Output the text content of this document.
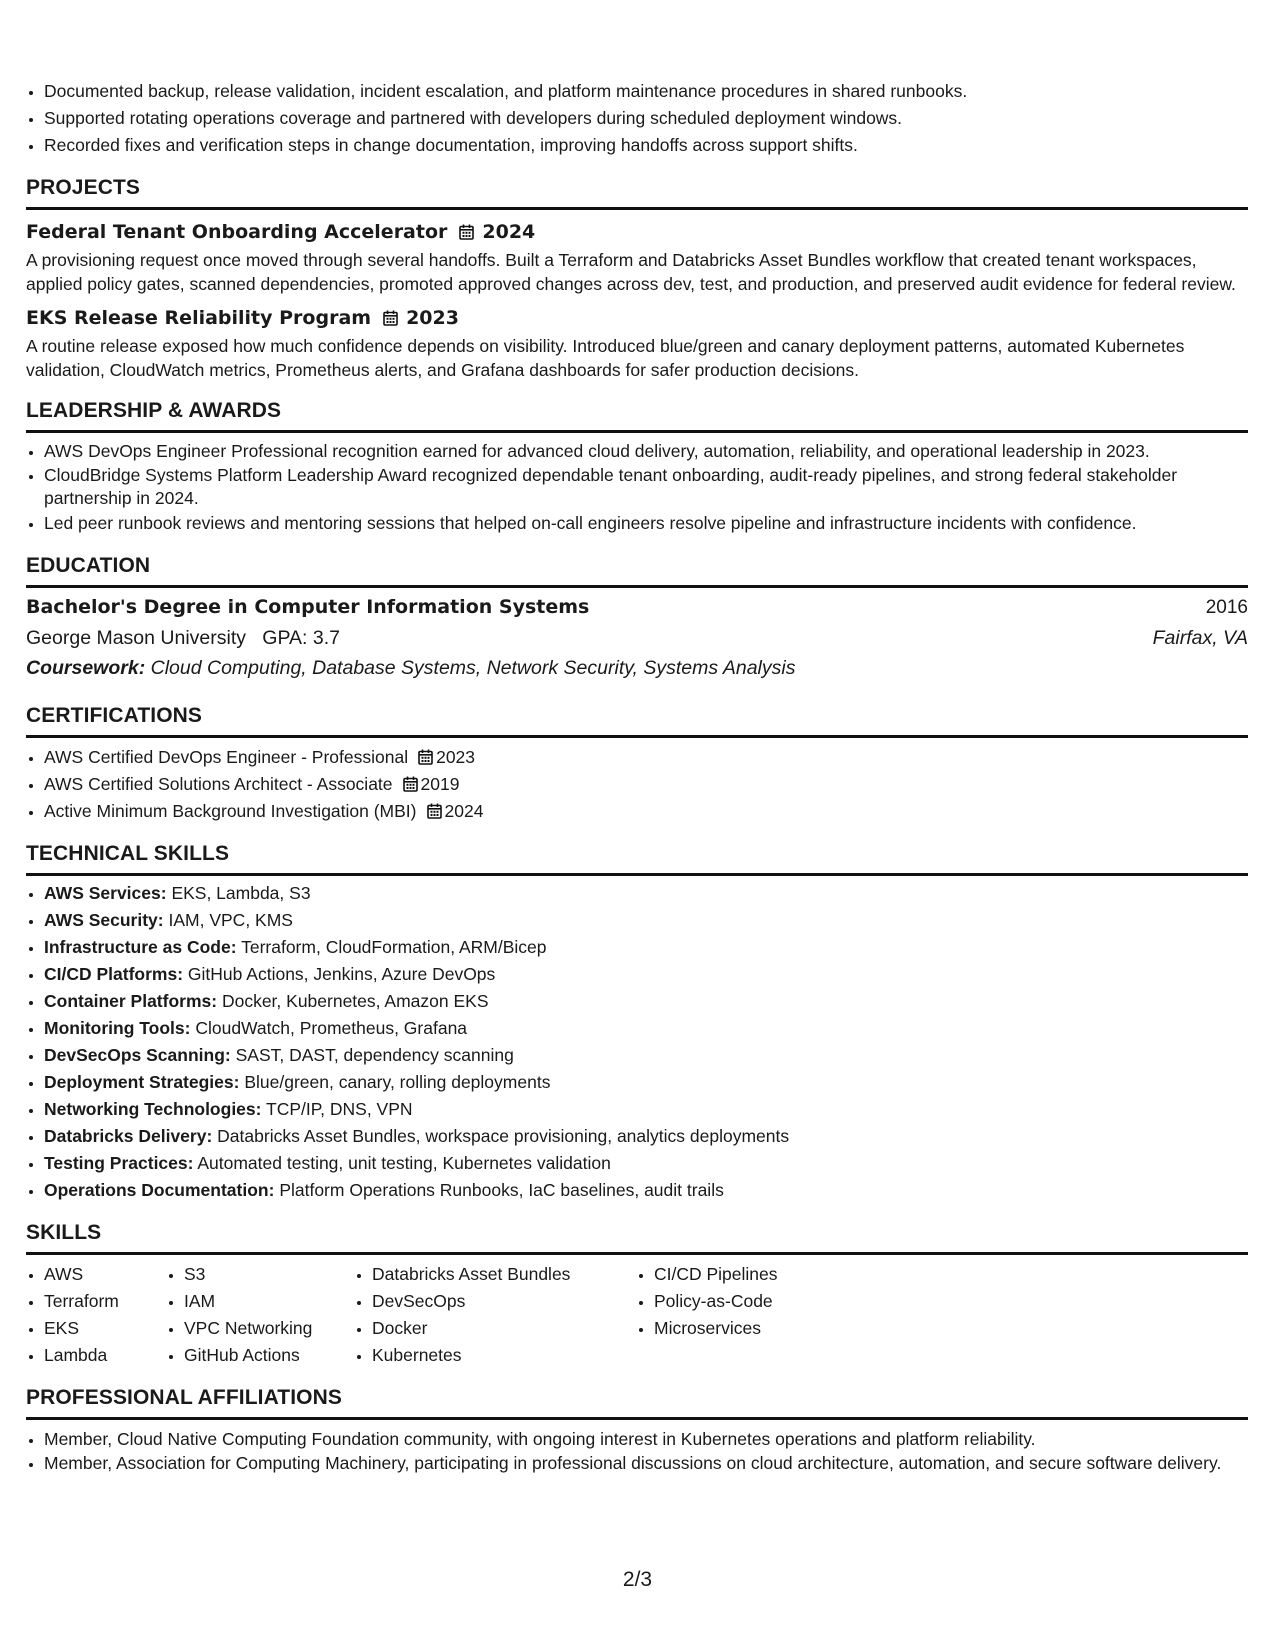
• Documented backup, release validation, incident escalation, and platform maintenance procedures in shared runbooks.
• Supported rotating operations coverage and partnered with developers during scheduled deployment windows.
• Recorded fixes and verification steps in change documentation, improving handoffs across support shifts.
PROJECTS
Federal Tenant Onboarding Accelerator 2024
A provisioning request once moved through several handoffs. Built a Terraform and Databricks Asset Bundles workflow that created tenant workspaces, applied policy gates, scanned dependencies, promoted approved changes across dev, test, and production, and preserved audit evidence for federal review.
EKS Release Reliability Program 2023
A routine release exposed how much confidence depends on visibility. Introduced blue/green and canary deployment patterns, automated Kubernetes validation, CloudWatch metrics, Prometheus alerts, and Grafana dashboards for safer production decisions.
LEADERSHIP & AWARDS
• AWS DevOps Engineer Professional recognition earned for advanced cloud delivery, automation, reliability, and operational leadership in 2023.
• CloudBridge Systems Platform Leadership Award recognized dependable tenant onboarding, audit-ready pipelines, and strong federal stakeholder partnership in 2024.
• Led peer runbook reviews and mentoring sessions that helped on-call engineers resolve pipeline and infrastructure incidents with confidence.
EDUCATION
Bachelor's Degree in Computer Information Systems	2016
George Mason University GPA: 3.7	Fairfax, VA
Coursework: Cloud Computing, Database Systems, Network Security, Systems Analysis
CERTIFICATIONS
• AWS Certified DevOps Engineer - Professional 2023
• AWS Certified Solutions Architect - Associate 2019
• Active Minimum Background Investigation (MBI) 2024
TECHNICAL SKILLS
• AWS Services: EKS, Lambda, S3
• AWS Security: IAM, VPC, KMS
• Infrastructure as Code: Terraform, CloudFormation, ARM/Bicep
• CI/CD Platforms: GitHub Actions, Jenkins, Azure DevOps
• Container Platforms: Docker, Kubernetes, Amazon EKS
• Monitoring Tools: CloudWatch, Prometheus, Grafana
• DevSecOps Scanning: SAST, DAST, dependency scanning
• Deployment Strategies: Blue/green, canary, rolling deployments
• Networking Technologies: TCP/IP, DNS, VPN
• Databricks Delivery: Databricks Asset Bundles, workspace provisioning, analytics deployments
• Testing Practices: Automated testing, unit testing, Kubernetes validation
• Operations Documentation: Platform Operations Runbooks, IaC baselines, audit trails
SKILLS
• AWS
• Terraform
• EKS
• Lambda
• S3
• IAM
• VPC Networking
• GitHub Actions
• Databricks Asset Bundles
• DevSecOps
• Docker
• Kubernetes
• CI/CD Pipelines
• Policy-as-Code
• Microservices
PROFESSIONAL AFFILIATIONS
• Member, Cloud Native Computing Foundation community, with ongoing interest in Kubernetes operations and platform reliability.
• Member, Association for Computing Machinery, participating in professional discussions on cloud architecture, automation, and secure software delivery.
2/3
